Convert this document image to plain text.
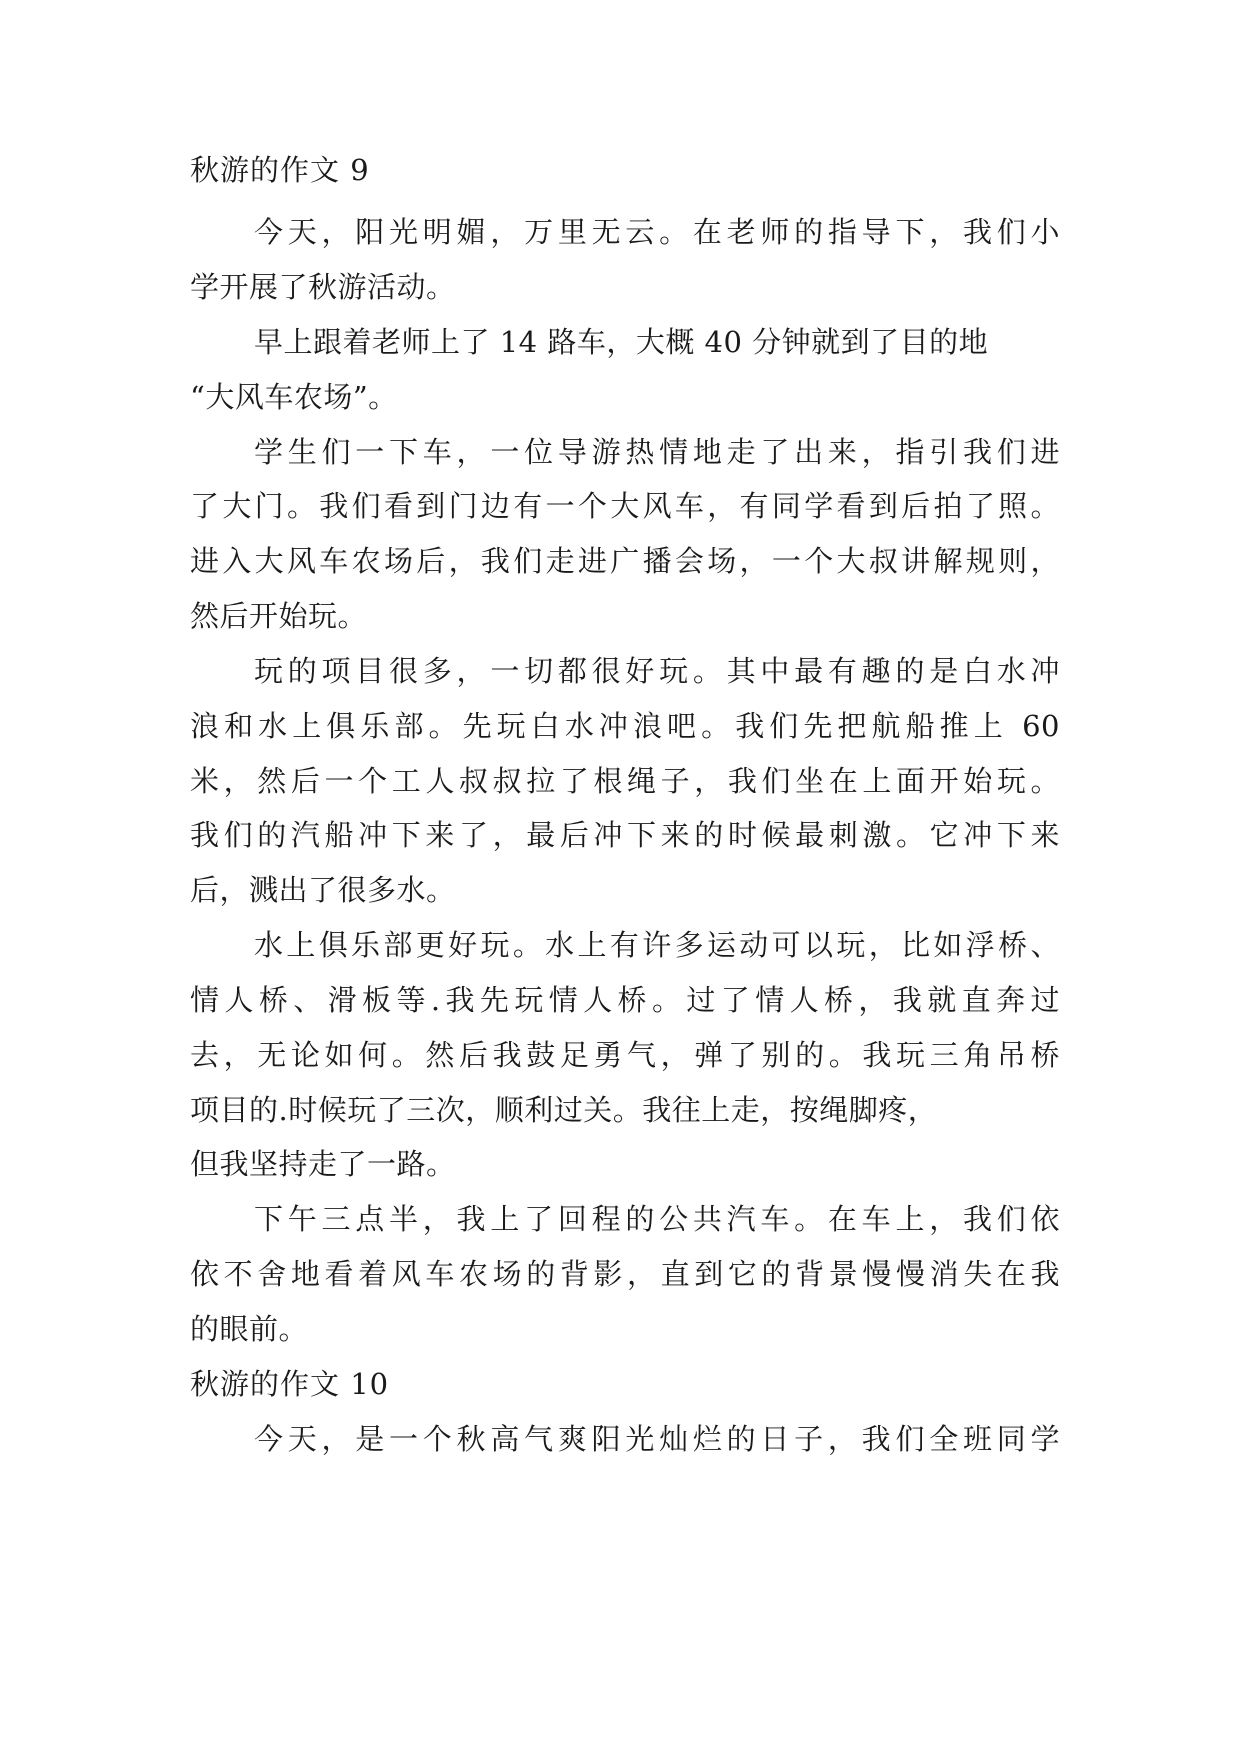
秋游的作文 9
今天，阳光明媚，万里无云。在老师的指导下，我们小
学开展了秋游活动。
早上跟着老师上了 14 路车，大概 40 分钟就到了目的地
“大风车农场”。
学生们一下车，一位导游热情地走了出来，指引我们进
了大门。我们看到门边有一个大风车，有同学看到后拍了照。
进入大风车农场后，我们走进广播会场，一个大叔讲解规则，
然后开始玩。
玩的项目很多，一切都很好玩。其中最有趣的是白水冲
浪和水上俱乐部。先玩白水冲浪吧。我们先把航船推上 60
米，然后一个工人叔叔拉了根绳子，我们坐在上面开始玩。
我们的汽船冲下来了，最后冲下来的时候最刺激。它冲下来
后，溅出了很多水。
水上俱乐部更好玩。水上有许多运动可以玩，比如浮桥、
情人桥、滑板等.我先玩情人桥。过了情人桥，我就直奔过
去，无论如何。然后我鼓足勇气，弹了别的。我玩三角吊桥
项目的.时候玩了三次，顺利过关。我往上走，按绳脚疼，
但我坚持走了一路。
下午三点半，我上了回程的公共汽车。在车上，我们依
依不舍地看着风车农场的背影，直到它的背景慢慢消失在我
的眼前。
秋游的作文 10
今天，是一个秋高气爽阳光灿烂的日子，我们全班同学
